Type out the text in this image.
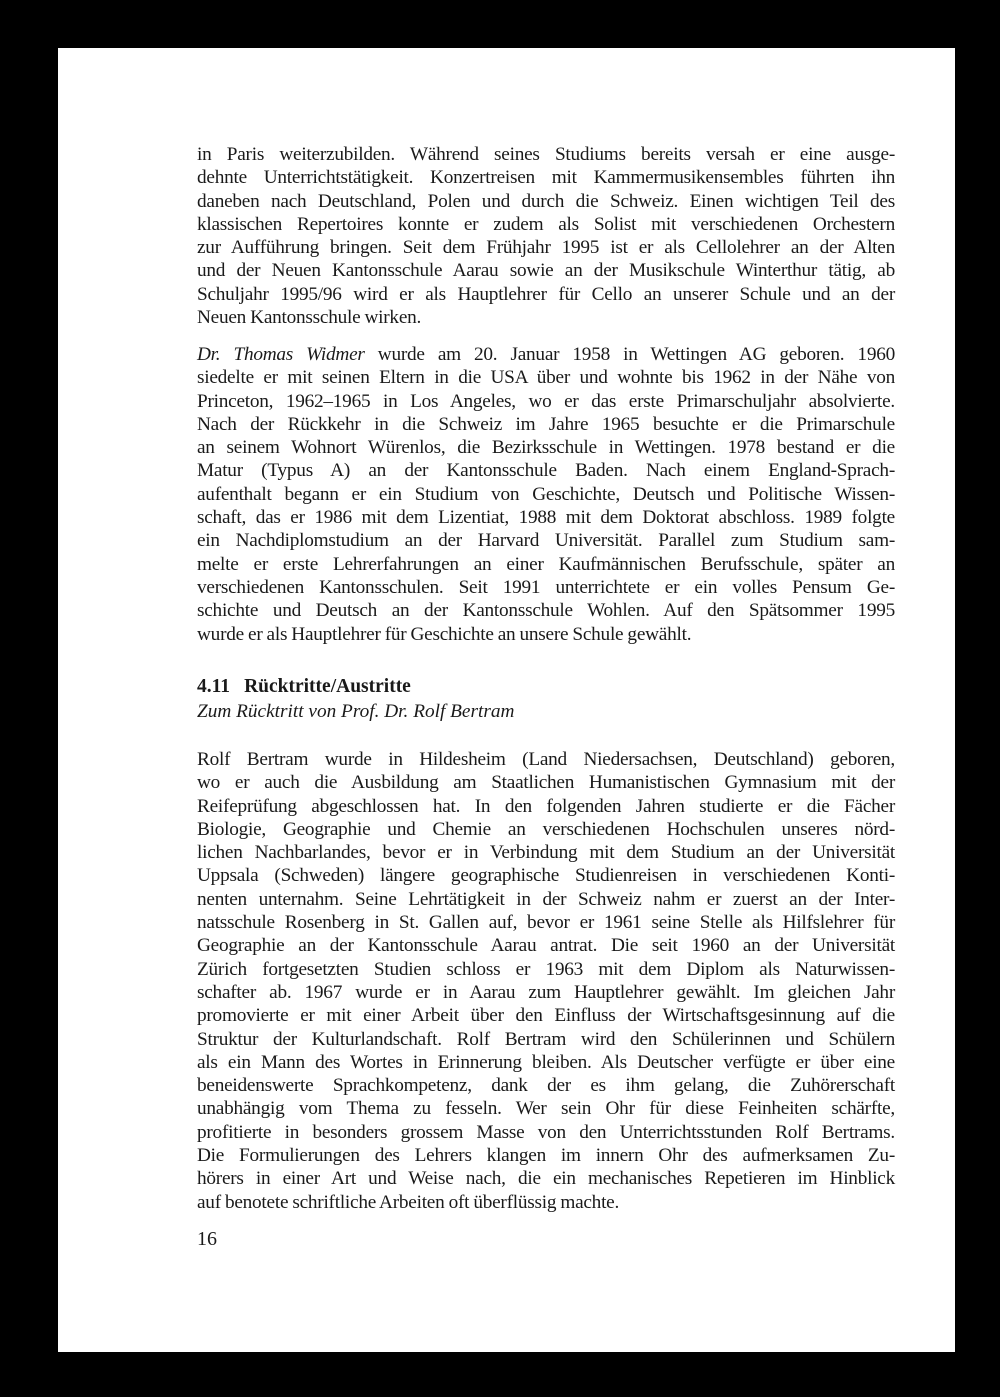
in Paris weiterzubilden. Während seines Studiums bereits versah er eine ausge-
dehnte Unterrichtstätigkeit. Konzertreisen mit Kammermusikensembles führten ihn
daneben nach Deutschland, Polen und durch die Schweiz. Einen wichtigen Teil des
klassischen Repertoires konnte er zudem als Solist mit verschiedenen Orchestern
zur Aufführung bringen. Seit dem Frühjahr 1995 ist er als Cellolehrer an der Alten
und der Neuen Kantonsschule Aarau sowie an der Musikschule Winterthur tätig, ab
Schuljahr 1995/96 wird er als Hauptlehrer für Cello an unserer Schule und an der
Neuen Kantonsschule wirken.
Dr. Thomas Widmer wurde am 20. Januar 1958 in Wettingen AG geboren. 1960
siedelte er mit seinen Eltern in die USA über und wohnte bis 1962 in der Nähe von
Princeton, 1962–1965 in Los Angeles, wo er das erste Primarschuljahr absolvierte.
Nach der Rückkehr in die Schweiz im Jahre 1965 besuchte er die Primarschule
an seinem Wohnort Würenlos, die Bezirksschule in Wettingen. 1978 bestand er die
Matur (Typus A) an der Kantonsschule Baden. Nach einem England-Sprach-
aufenthalt begann er ein Studium von Geschichte, Deutsch und Politische Wissen-
schaft, das er 1986 mit dem Lizentiat, 1988 mit dem Doktorat abschloss. 1989 folgte
ein Nachdiplomstudium an der Harvard Universität. Parallel zum Studium sam-
melte er erste Lehrerfahrungen an einer Kaufmännischen Berufsschule, später an
verschiedenen Kantonsschulen. Seit 1991 unterrichtete er ein volles Pensum Ge-
schichte und Deutsch an der Kantonsschule Wohlen. Auf den Spätsommer 1995
wurde er als Hauptlehrer für Geschichte an unsere Schule gewählt.
4.11 Rücktritte/Austritte
Zum Rücktritt von Prof. Dr. Rolf Bertram
Rolf Bertram wurde in Hildesheim (Land Niedersachsen, Deutschland) geboren,
wo er auch die Ausbildung am Staatlichen Humanistischen Gymnasium mit der
Reifeprüfung abgeschlossen hat. In den folgenden Jahren studierte er die Fächer
Biologie, Geographie und Chemie an verschiedenen Hochschulen unseres nörd-
lichen Nachbarlandes, bevor er in Verbindung mit dem Studium an der Universität
Uppsala (Schweden) längere geographische Studienreisen in verschiedenen Konti-
nenten unternahm. Seine Lehrtätigkeit in der Schweiz nahm er zuerst an der Inter-
natsschule Rosenberg in St. Gallen auf, bevor er 1961 seine Stelle als Hilfslehrer für
Geographie an der Kantonsschule Aarau antrat. Die seit 1960 an der Universität
Zürich fortgesetzten Studien schloss er 1963 mit dem Diplom als Naturwissen-
schafter ab. 1967 wurde er in Aarau zum Hauptlehrer gewählt. Im gleichen Jahr
promovierte er mit einer Arbeit über den Einfluss der Wirtschaftsgesinnung auf die
Struktur der Kulturlandschaft. Rolf Bertram wird den Schülerinnen und Schülern
als ein Mann des Wortes in Erinnerung bleiben. Als Deutscher verfügte er über eine
beneidenswerte Sprachkompetenz, dank der es ihm gelang, die Zuhörerschaft
unabhängig vom Thema zu fesseln. Wer sein Ohr für diese Feinheiten schärfte,
profitierte in besonders grossem Masse von den Unterrichtsstunden Rolf Bertrams.
Die Formulierungen des Lehrers klangen im innern Ohr des aufmerksamen Zu-
hörers in einer Art und Weise nach, die ein mechanisches Repetieren im Hinblick
auf benotete schriftliche Arbeiten oft überflüssig machte.
16
